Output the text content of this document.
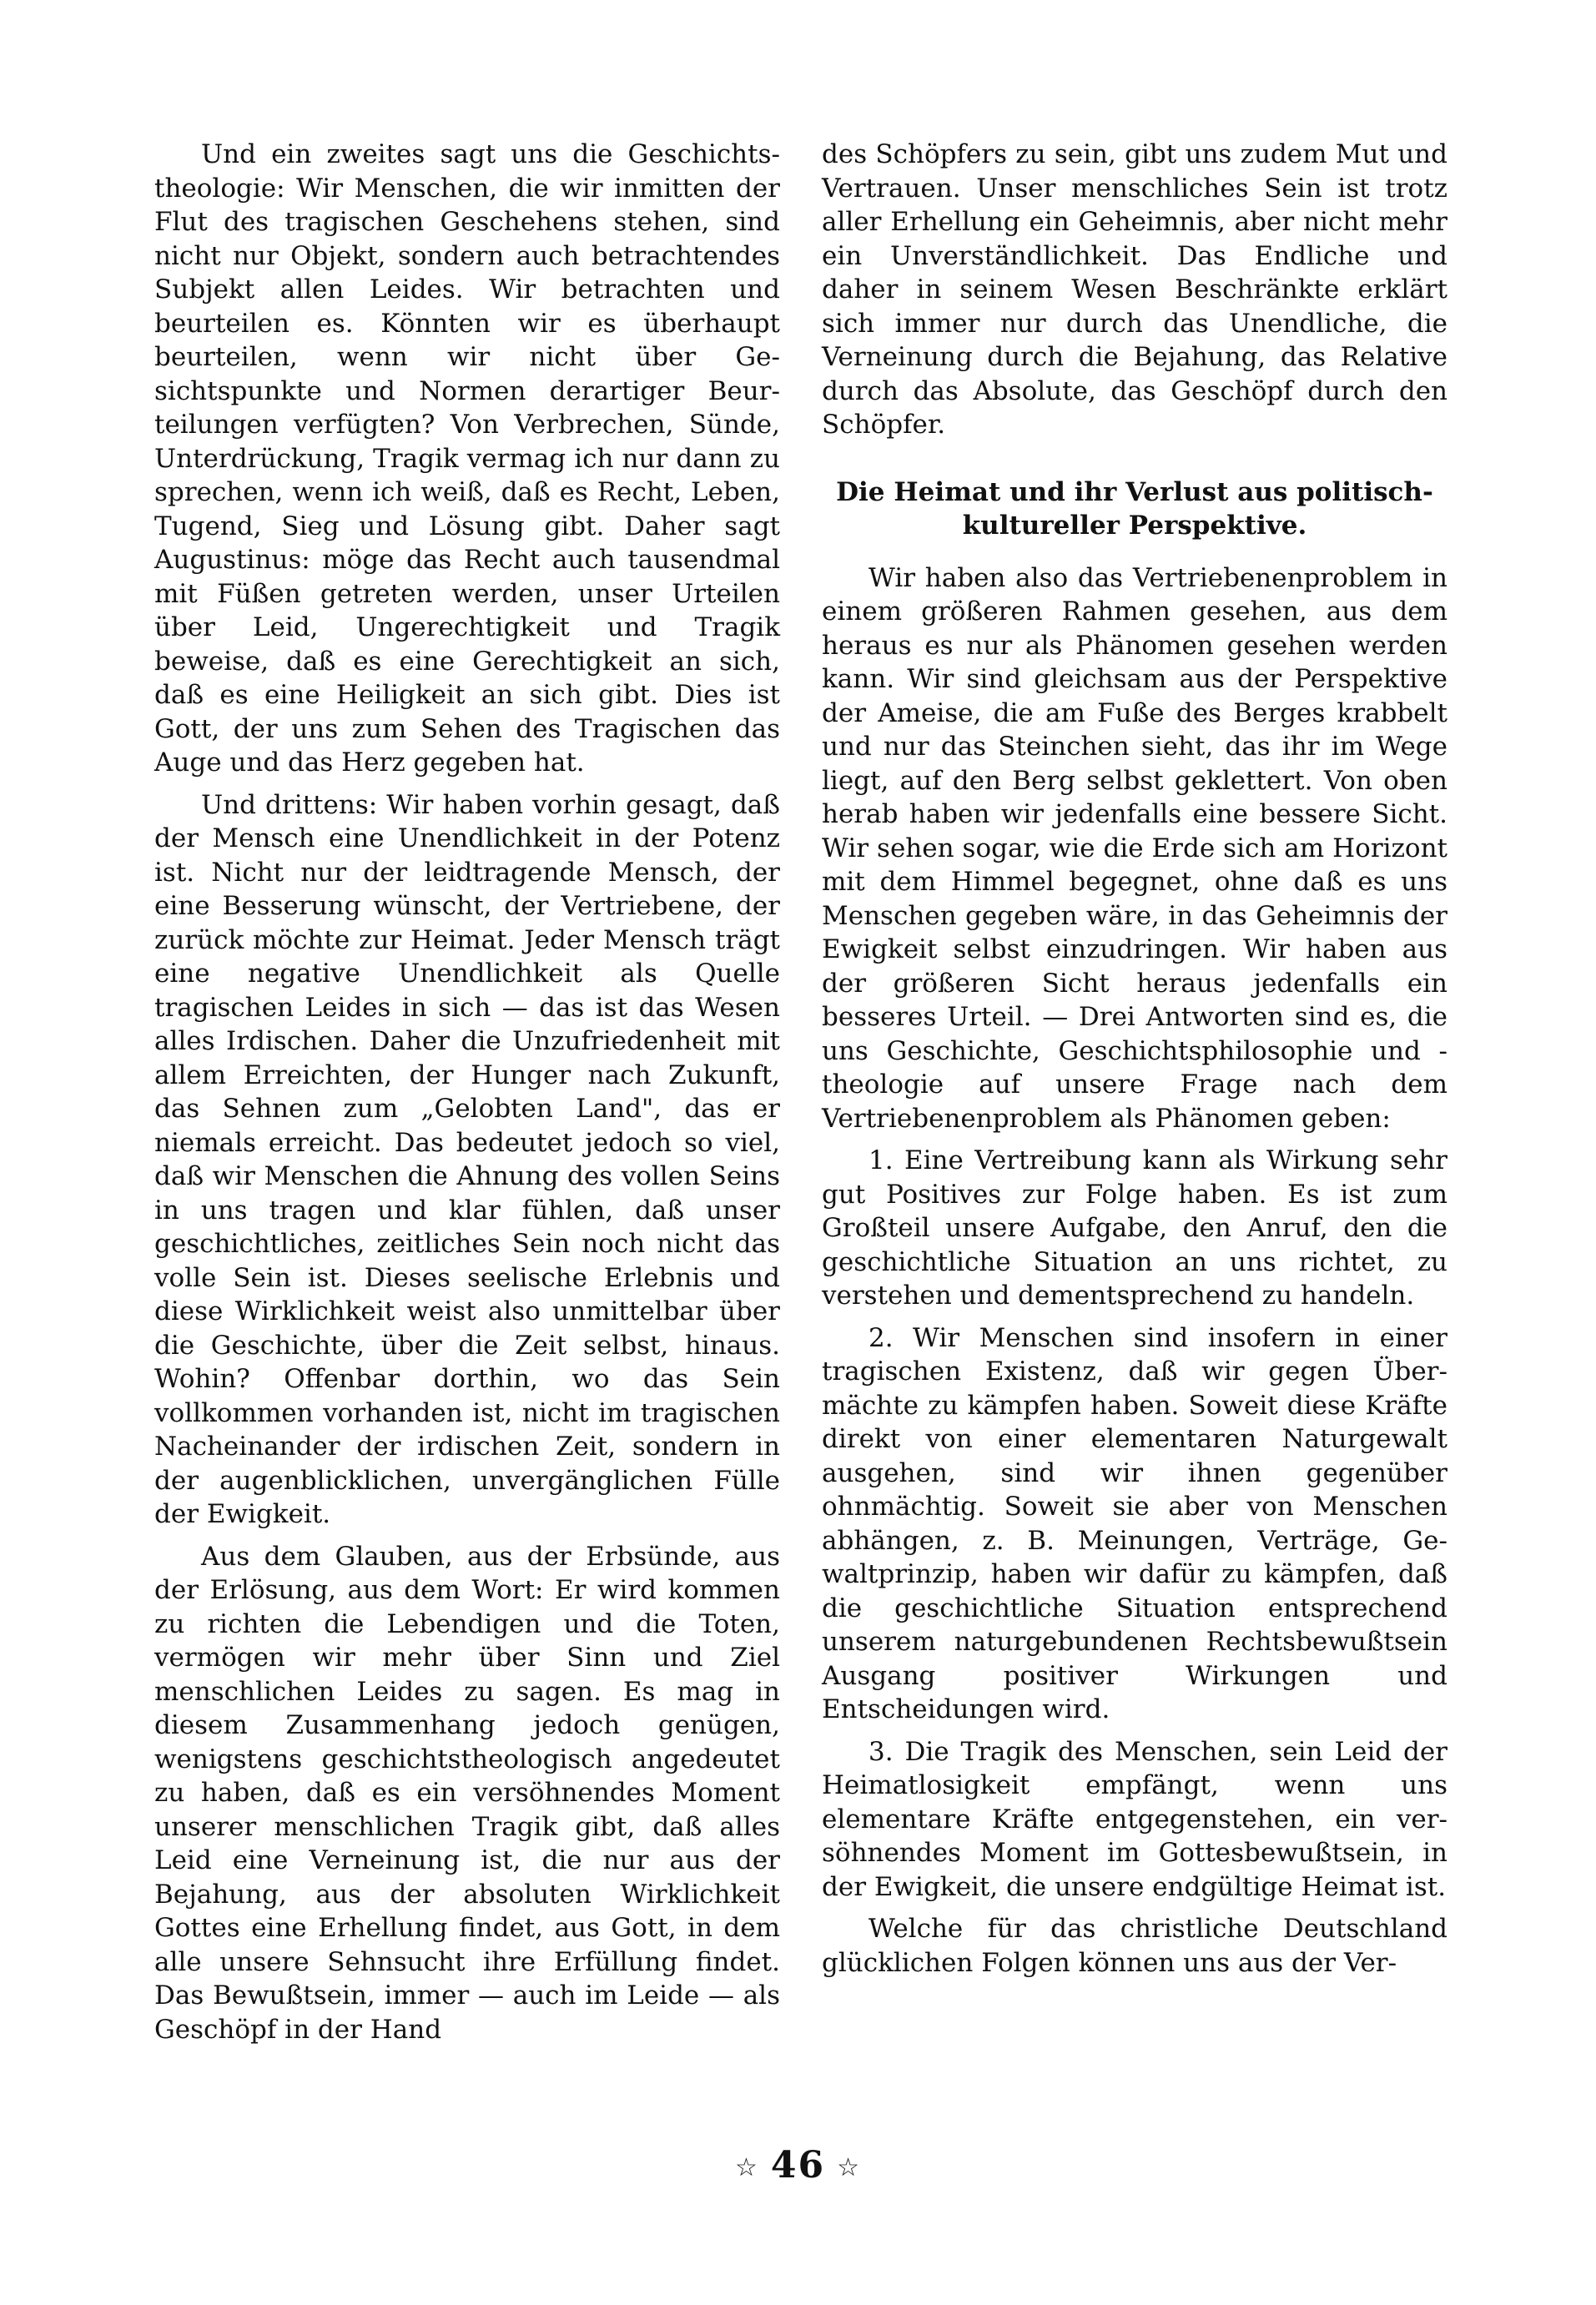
Und ein zweites sagt uns die Geschichtstheologie: Wir Menschen, die wir inmitten der Flut des tragischen Geschehens stehen, sind nicht nur Objekt, sondern auch betrachtendes Subjekt allen Leides. Wir betrachten und beurteilen es. Könnten wir es überhaupt beurteilen, wenn wir nicht über Gesichtspunkte und Normen derartiger Beurteilungen verfügten? Von Verbrechen, Sünde, Unterdrückung, Tragik vermag ich nur dann zu sprechen, wenn ich weiß, daß es Recht, Leben, Tugend, Sieg und Lösung gibt. Daher sagt Augustinus: möge das Recht auch tausendmal mit Füßen getreten werden, unser Urteilen über Leid, Ungerechtigkeit und Tragik beweise, daß es eine Gerechtigkeit an sich, daß es eine Heiligkeit an sich gibt. Dies ist Gott, der uns zum Sehen des Tragischen das Auge und das Herz gegeben hat.

Und drittens: Wir haben vorhin gesagt, daß der Mensch eine Unendlichkeit in der Potenz ist. Nicht nur der leidtragende Mensch, der eine Besserung wünscht, der Vertriebene, der zurück möchte zur Heimat. Jeder Mensch trägt eine negative Unendlichkeit als Quelle tragischen Leides in sich — das ist das Wesen alles Irdischen. Daher die Unzufriedenheit mit allem Erreichten, der Hunger nach Zukunft, das Sehnen zum „Gelobten Land", das er niemals erreicht. Das bedeutet jedoch so viel, daß wir Menschen die Ahnung des vollen Seins in uns tragen und klar fühlen, daß unser geschichtliches, zeitliches Sein noch nicht das volle Sein ist. Dieses seelische Erlebnis und diese Wirklichkeit weist also unmittelbar über die Geschichte, über die Zeit selbst, hinaus. Wohin? Offenbar dorthin, wo das Sein vollkommen vorhanden ist, nicht im tragischen Nacheinander der irdischen Zeit, sondern in der augenblicklichen, unvergänglichen Fülle der Ewigkeit.

Aus dem Glauben, aus der Erbsünde, aus der Erlösung, aus dem Wort: Er wird kommen zu richten die Lebendigen und die Toten, vermögen wir mehr über Sinn und Ziel menschlichen Leides zu sagen. Es mag in diesem Zusammenhang jedoch genügen, wenigstens geschichtstheologisch angedeutet zu haben, daß es ein versöhnendes Moment unserer menschlichen Tragik gibt, daß alles Leid eine Verneinung ist, die nur aus der Bejahung, aus der absoluten Wirklichkeit Gottes eine Erhellung findet, aus Gott, in dem alle unsere Sehnsucht ihre Erfüllung findet. Das Bewußtsein, immer — auch im Leide — als Geschöpf in der Hand

des Schöpfers zu sein, gibt uns zudem Mut und Vertrauen. Unser menschliches Sein ist trotz aller Erhellung ein Geheimnis, aber nicht mehr ein Unverständlichkeit. Das Endliche und daher in seinem Wesen Beschränkte erklärt sich immer nur durch das Unendliche, die Verneinung durch die Bejahung, das Relative durch das Absolute, das Geschöpf durch den Schöpfer.

Die Heimat und ihr Verlust aus politisch-
kultureller Perspektive.

Wir haben also das Vertriebenenproblem in einem größeren Rahmen gesehen, aus dem heraus es nur als Phänomen gesehen werden kann. Wir sind gleichsam aus der Perspektive der Ameise, die am Fuße des Berges krabbelt und nur das Steinchen sieht, das ihr im Wege liegt, auf den Berg selbst geklettert. Von oben herab haben wir jedenfalls eine bessere Sicht. Wir sehen sogar, wie die Erde sich am Horizont mit dem Himmel begegnet, ohne daß es uns Menschen gegeben wäre, in das Geheimnis der Ewigkeit selbst einzudringen. Wir haben aus der größeren Sicht heraus jedenfalls ein besseres Urteil. — Drei Antworten sind es, die uns Geschichte, Geschichtsphilosophie und -theologie auf unsere Frage nach dem Vertriebenenproblem als Phänomen geben:

1. Eine Vertreibung kann als Wirkung sehr gut Positives zur Folge haben. Es ist zum Großteil unsere Aufgabe, den Anruf, den die geschichtliche Situation an uns richtet, zu verstehen und dementsprechend zu handeln.

2. Wir Menschen sind insofern in einer tragischen Existenz, daß wir gegen Übermächte zu kämpfen haben. Soweit diese Kräfte direkt von einer elementaren Naturgewalt ausgehen, sind wir ihnen gegenüber ohnmächtig. Soweit sie aber von Menschen abhängen, z. B. Meinungen, Verträge, Gewaltprinzip, haben wir dafür zu kämpfen, daß die geschichtliche Situation entsprechend unserem naturgebundenen Rechtsbewußtsein Ausgang positiver Wirkungen und Entscheidungen wird.

3. Die Tragik des Menschen, sein Leid der Heimatlosigkeit empfängt, wenn uns elementare Kräfte entgegenstehen, ein versöhnendes Moment im Gottesbewußtsein, in der Ewigkeit, die unsere endgültige Heimat ist.

Welche für das christliche Deutschland glücklichen Folgen können uns aus der Ver-

☆ 46 ☆
